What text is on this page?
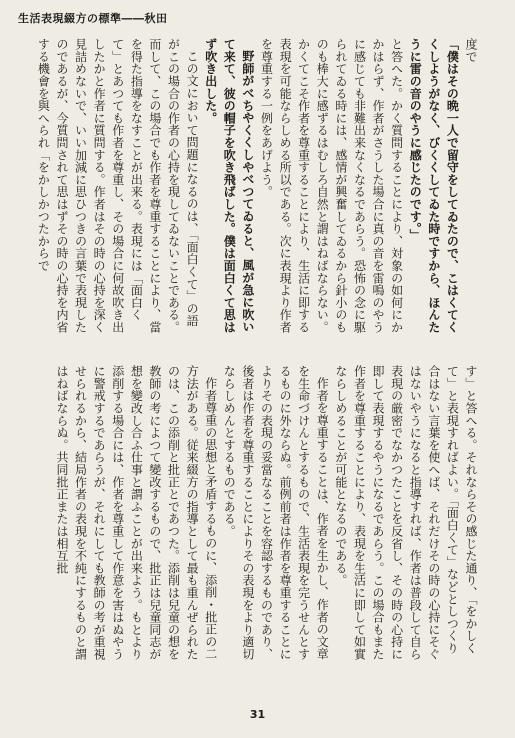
生活表現綴方の標準――秋田

度で

「僕はその晩一人で留守をしてゐたので、こはくてくくしようがなく、びくくしてゐた時ですから、ほんたうに雷の音のやうに感じたのです。」

と答へた。かく質問することにより、対象の如何にかかはらず、作者がさうした場合に真の音を雷鳴のやうに感じても非難出来なくなるであらう。恐怖の念に駆られてゐる時には、感情が興奮してゐるから針小のものも棒大に感ずるはむしろ自然と謂はねばならない。かくてこそ作者を尊重することにより、生活に即する表現を可能ならしめる所以である。次に表現より作者を尊重する一例をあげよう。

野師がべちやくくしやべつてゐると、風が急に吹いて来て、彼の帽子を吹き飛ばした。僕は面白くて思はず吹き出した。

この文において問題になるのは、「面白くて」の語がこの場合の作者の心持を現してゐないことである。而して、この場合でも作者を尊重することにより、當を得た指導をなすことが出来る。表現には「面白くて」とあつても作者を尊重し、その場合に何故吹き出したかと作者に質問する。作者はその時の心持を深く見詰めないで、いい加減に思ひつきの言葉で表現したのであるが、今質問されて思はずその時の心持を内省する機會を與へられ「をかしかつたからで

す」と答へる。それならその感じた通り、「をかしくて」と表現すればよい。「面白くて」などとしつくり合はない言葉を使へば、それだけその時の心持にそぐはないやうになると指導すれば、作者は普段して自ら表現の厳密でなかつたことを反省し、その時の心持に即して表現するやうになるであらう。この場合もまた作者を尊重することにより、表現を生活に即して如實ならしめることが可能となるのである。

作者を尊重することは、作者を生かし、作者の文章を生命づけんとするもので、生活表現を完うせんとするものに外ならぬ。前例前者は作者を尊重することによりその表現の妥當なることを容認するものであり、後者は作者を尊重することによりその表現をより適切ならしめんとするものである。

作者尊重の思想と矛盾するものに、添削・批正の二方法がある。従来綴方の指導として最も重んぜられたのは、この添削と批正とであつた。添削は兒童の想を教師の考によつて變改するもので、批正は兒童同志が想を變改し合ふ仕事と謂ふことが出来よう。もとより添削する場合には、作者を尊重して作意を害はぬやうに警戒するであらうが、それにしても教師の考が重視せられるから、結局作者の表現を不純にするものと謂はねばならぬ。共同批正または相互批

31
